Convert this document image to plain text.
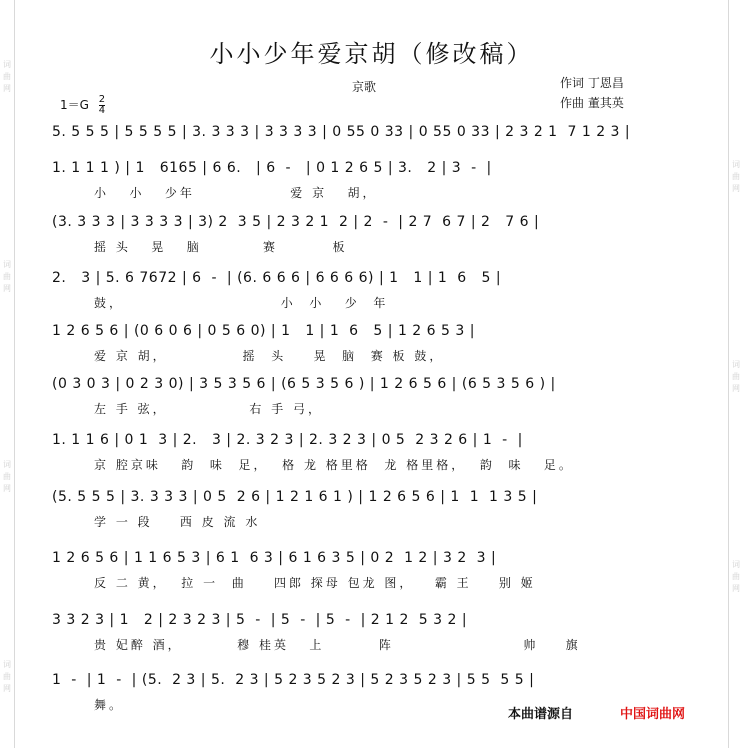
词
曲
网
词
曲
网
词
曲
网
词
曲
网
词
曲
网
词
曲
网
词
曲
网
小小少年爱京胡（修改稿）
京歌	作词 丁恩昌
作曲 董其英
$1=G \frac{2}{4}$
5. 5 5 5 | 5 5 5 5 | 3. 3 3 3 | 3 3 3 3 | 0 55 0 33 | 0 55 0 33 | 2 3 2 1  7 1 2 3 |
1. 1 1 1 ) | 1   6165 | 6 6.   | 6  -   | 0 1 2 6 5 | 3.   2 | 3  -  |
小   小   少年              爱 京   胡，
(3. 3 3 3 | 3 3 3 3 | 3) 2  3 5 | 2 3 2 1  2 | 2  -  | 2 7  6 7 | 2   7 6 |
摇 头   晃   脑         赛        板
2.   3 | 5. 6 7672 | 6  -  | (6. 6 6 6 | 6 6 6 6) | 1   1 | 1  6   5 |
鼓，                       小  小   少  年
1 2 6 5 6 | (0 6 0 6 | 0 5 6 0) | 1   1 | 1  6   5 | 1 2 6 5 3 |
爱 京 胡，           摇  头    晃  脑  赛 板 鼓，
(0 3 0 3 | 0 2 3 0) | 3 5 3 5 6 | (6 5 3 5 6 ) | 1 2 6 5 6 | (6 5 3 5 6 ) |
左 手 弦，            右 手 弓，
1. 1 1 6 | 0 1  3 | 2.   3 | 2. 3 2 3 | 2. 3 2 3 | 0 5  2 3 2 6 | 1  -  |
京 腔京味   韵  味  足，  格 龙 格里格  龙 格里格，  韵  味   足。
(5. 5 5 5 | 3. 3 3 3 | 0 5  2 6 | 1 2 1 6 1 ) | 1 2 6 5 6 | 1  1  1 3 5 |
学 一 段    西 皮 流 水
1 2 6 5 6 | 1 1 6 5 3 | 6 1  6 3 | 6 1 6 3 5 | 0 2  1 2 | 3 2  3 |
反 二 黄，  拉 一  曲    四郎 探母 包龙 图，   霸 王    别 姬
3 3 2 3 | 1   2 | 2 3 2 3 | 5  -  | 5  -  | 5  -  | 2 1 2  5 3 2 |
贵 妃醉 酒，        穆 桂英   上        阵                   帅    旗
1  -  | 1  -  | (5.  2 3 | 5.  2 3 | 5 2 3 5 2 3 | 5 2 3 5 2 3 | 5 5  5 5 |
舞。
本曲谱源自	中国词曲网
